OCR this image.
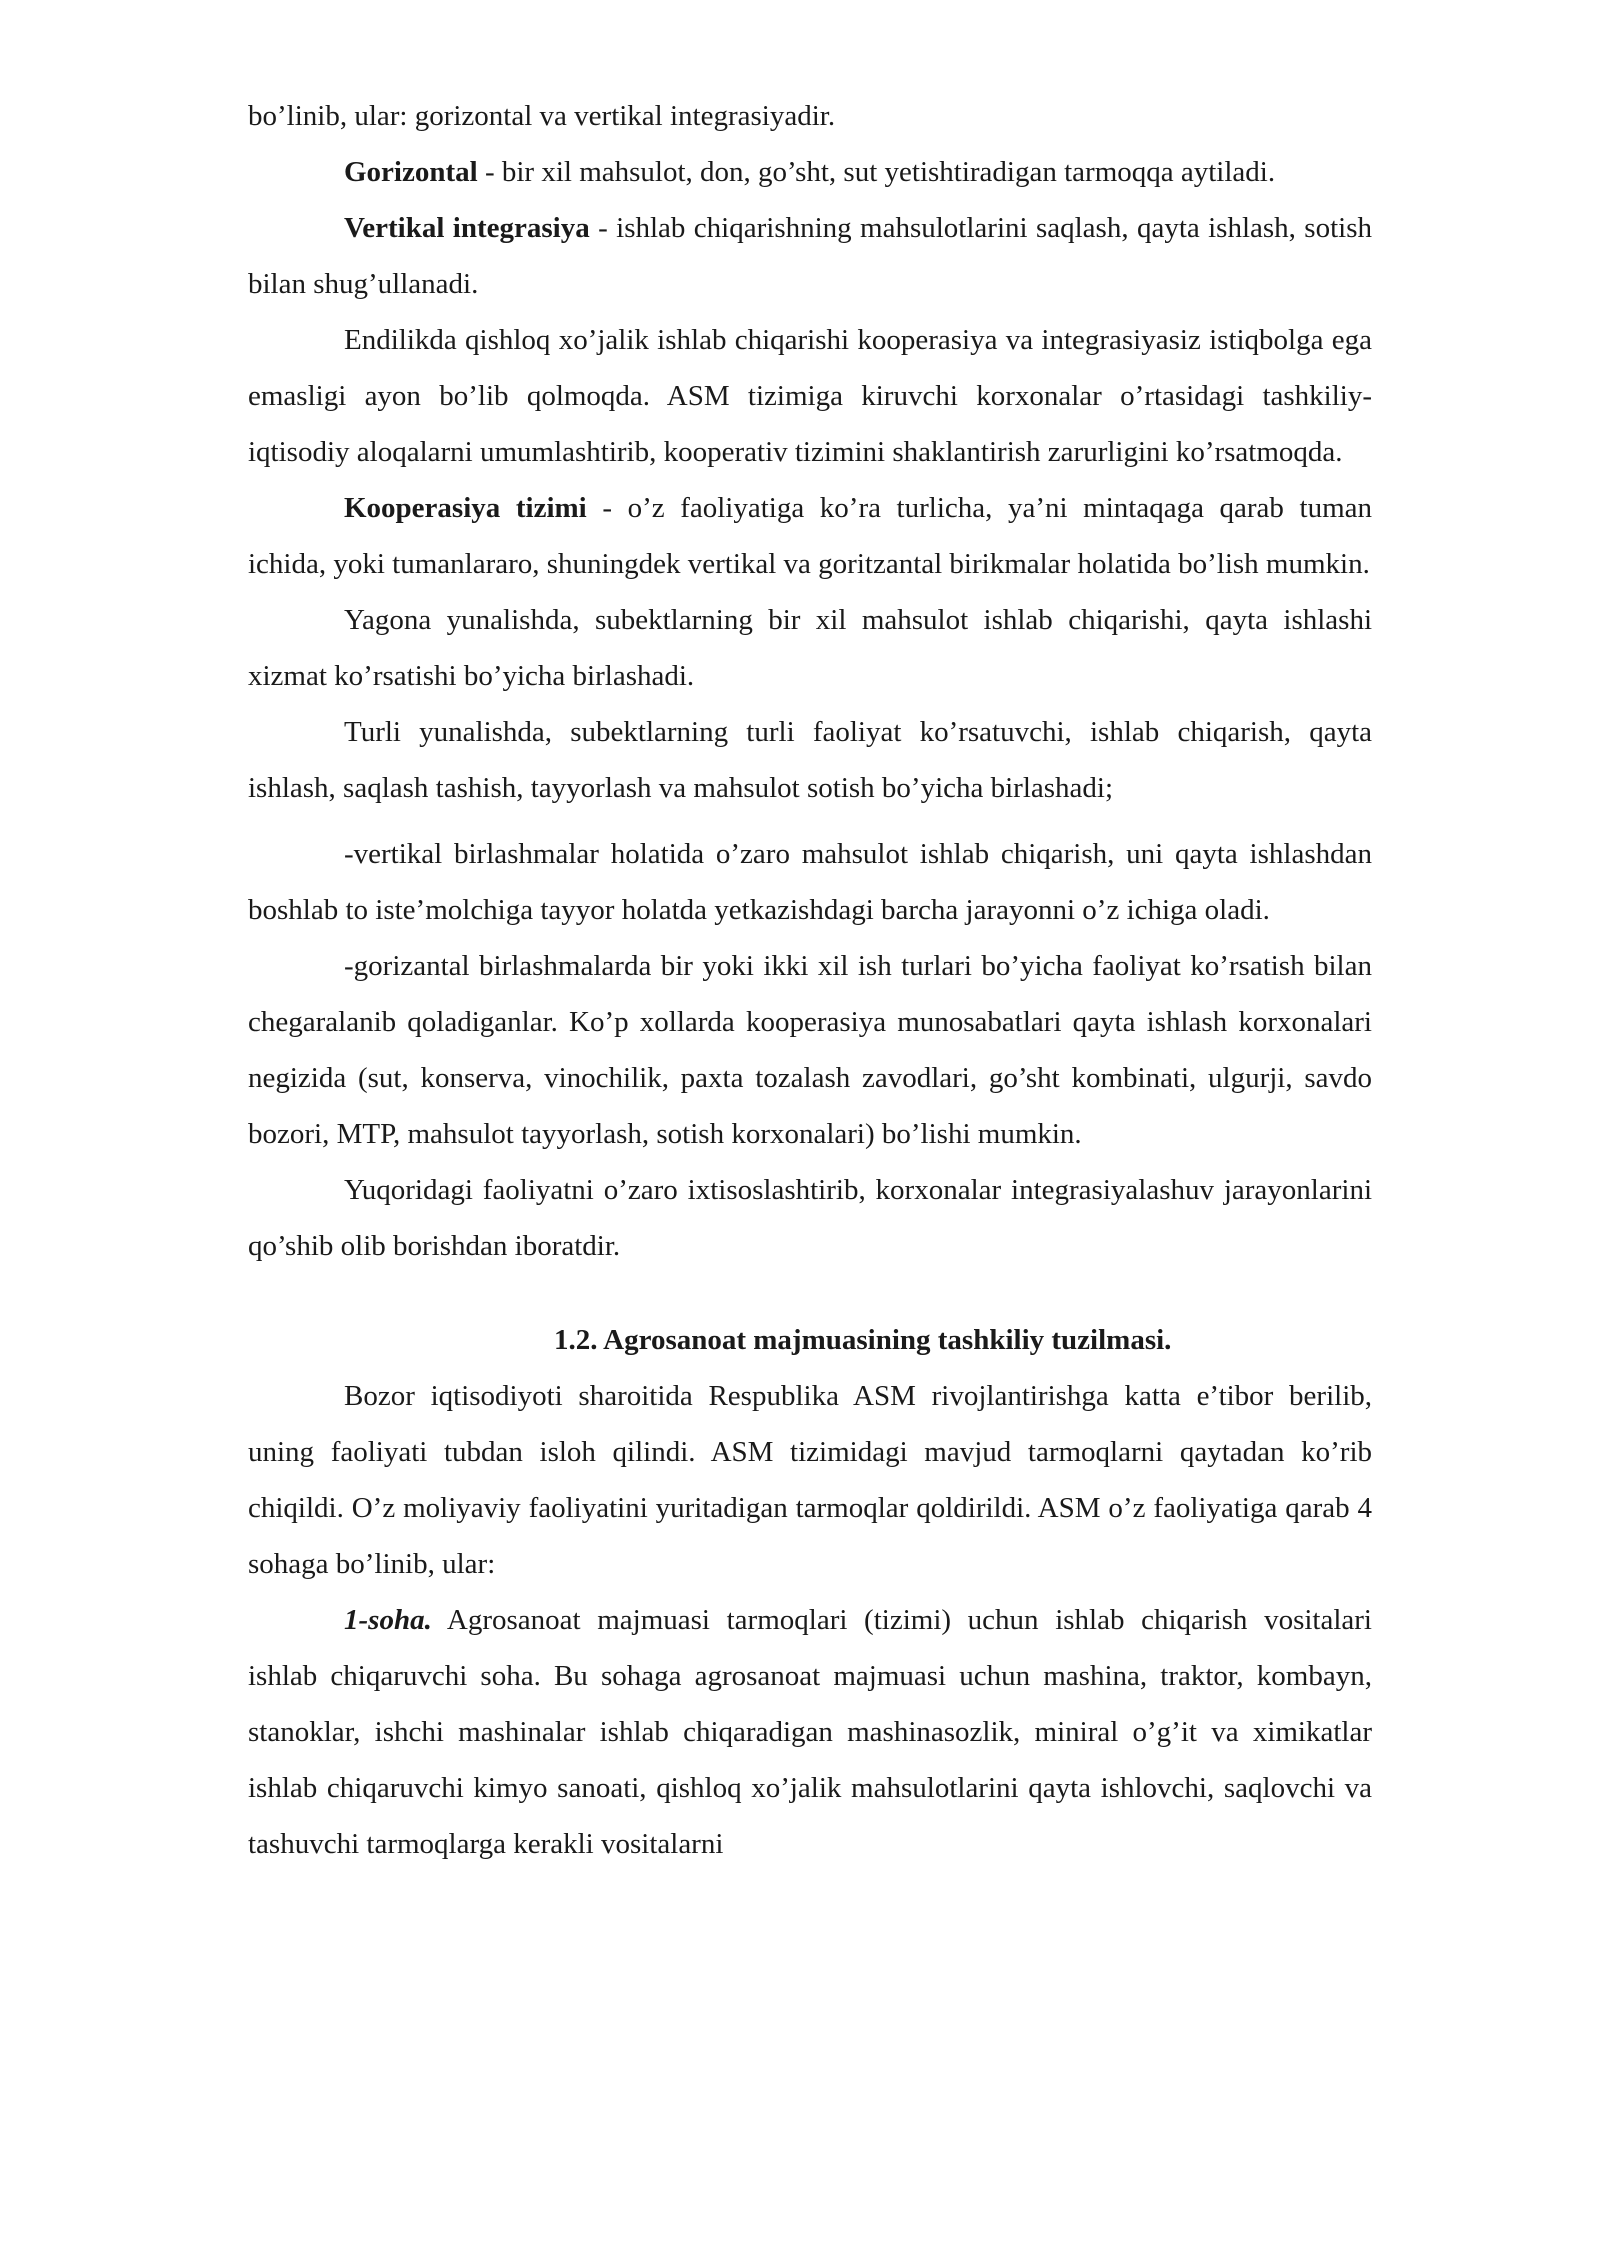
bo’linib, ular: gorizontal va vertikal integrasiyadir.

Gorizontal - bir xil mahsulot, don, go’sht, sut yetishtiradigan tarmoqqa aytiladi.

Vertikal integrasiya - ishlab chiqarishning mahsulotlarini saqlash, qayta ishlash, sotish bilan shug’ullanadi.

Endilikda qishloq xo’jalik ishlab chiqarishi kooperasiya va integrasiyasiz istiqbolga ega emasligi ayon bo’lib qolmoqda. ASM tizimiga kiruvchi korxonalar o’rtasidagi tashkiliy-iqtisodiy aloqalarni umumlashtirib, kooperativ tizimini shaklantirish zarurligini ko’rsatmoqda.

Kooperasiya tizimi - o’z faoliyatiga ko’ra turlicha, ya’ni mintaqaga qarab tuman ichida, yoki tumanlararo, shuningdek vertikal va goritzantal birikmalar holatida bo’lish mumkin.

Yagona yunalishda, subektlarning bir xil mahsulot ishlab chiqarishi, qayta ishlashi xizmat ko’rsatishi bo’yicha birlashadi.

Turli yunalishda, subektlarning turli faoliyat ko’rsatuvchi, ishlab chiqarish, qayta ishlash, saqlash tashish, tayyorlash va mahsulot sotish bo’yicha birlashadi;

-vertikal birlashmalar holatida o’zaro mahsulot ishlab chiqarish, uni qayta ishlashdan boshlab to iste’molchiga tayyor holatda yetkazishdagi barcha jarayonni o’z ichiga oladi.

-gorizantal birlashmalarda bir yoki ikki xil ish turlari bo’yicha faoliyat ko’rsatish bilan chegaralanib qoladiganlar. Ko’p xollarda kooperasiya munosabatlari qayta ishlash korxonalari negizida (sut, konserva, vinochilik, paxta tozalash zavodlari, go’sht kombinati, ulgurji, savdo bozori, MTP, mahsulot tayyorlash, sotish korxonalari) bo’lishi mumkin.

Yuqoridagi faoliyatni o’zaro ixtisoslashtirib, korxonalar integrasiyalashuv jarayonlarini qo’shib olib borishdan iboratdir.

1.2. Agrosanoat majmuasining tashkiliy tuzilmasi.

Bozor iqtisodiyoti sharoitida Respublika ASM rivojlantirishga katta e’tibor berilib, uning faoliyati tubdan isloh qilindi. ASM tizimidagi mavjud tarmoqlarni qaytadan ko’rib chiqildi. O’z moliyaviy faoliyatini yuritadigan tarmoqlar qoldirildi. ASM o’z faoliyatiga qarab 4 sohaga bo’linib, ular:

1-soha. Agrosanoat majmuasi tarmoqlari (tizimi) uchun ishlab chiqarish vositalari ishlab chiqaruvchi soha. Bu sohaga agrosanoat majmuasi uchun mashina, traktor, kombayn, stanoklar, ishchi mashinalar ishlab chiqaradigan mashinasozlik, miniral o’g’it va ximikatlar ishlab chiqaruvchi kimyo sanoati, qishloq xo’jalik mahsulotlarini qayta ishlovchi, saqlovchi va tashuvchi tarmoqlarga kerakli vositalarni
